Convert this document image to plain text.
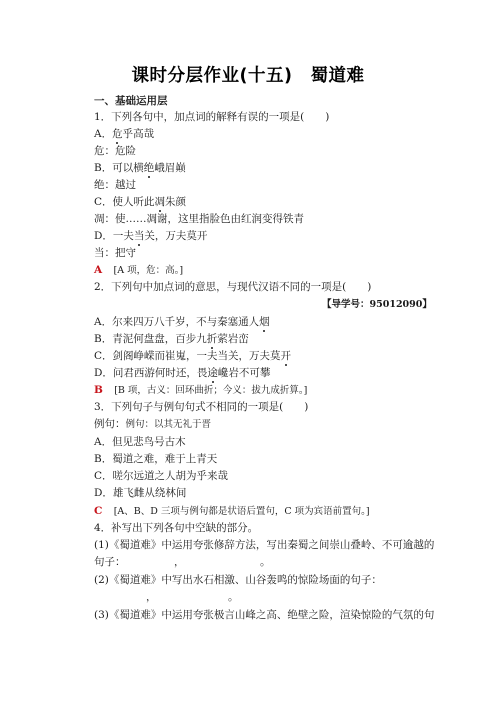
课时分层作业(十五)　蜀道难
一、基础运用层
1．下列各句中，加点词的解释有误的一项是(　　)
A．危乎高哉
危：危险
B．可以横绝峨眉巅
绝：越过
C．使人听此凋朱颜
凋：使……凋谢，这里指脸色由红润变得铁青
D．一夫当关，万夫莫开
当：把守
A [A 项，危：高。]
2．下列句中加点词的意思，与现代汉语不同的一项是(　　)
【导学号：95012090】
A．尔来四万八千岁，不与秦塞通人烟
B．青泥何盘盘，百步九折萦岩峦
C．剑阁峥嵘而崔嵬，一夫当关，万夫莫开
D．问君西游何时还，畏途巉岩不可攀
B [B 项，古义：回环曲折；今义：拔九成折算。]
3．下列句子与例句句式不相同的一项是(　　)
例句：例句：以其无礼于晋
A．但见悲鸟号古木
B．蜀道之难，难于上青天
C．嗟尔远道之人胡为乎来哉
D．雄飞雌从绕林间
C [A、B、D 三项与例句都是状语后置句，C 项为宾语前置句。]
4．补写出下列各句中空缺的部分。
(1)《蜀道难》中运用夸张修辞方法，写出秦蜀之间崇山叠岭、不可逾越的
句子：	，	。
(2)《蜀道难》中写出水石相激、山谷轰鸣的惊险场面的句子：
，	。
(3)《蜀道难》中运用夸张极言山峰之高、绝壁之险，渲染惊险的气氛的句
